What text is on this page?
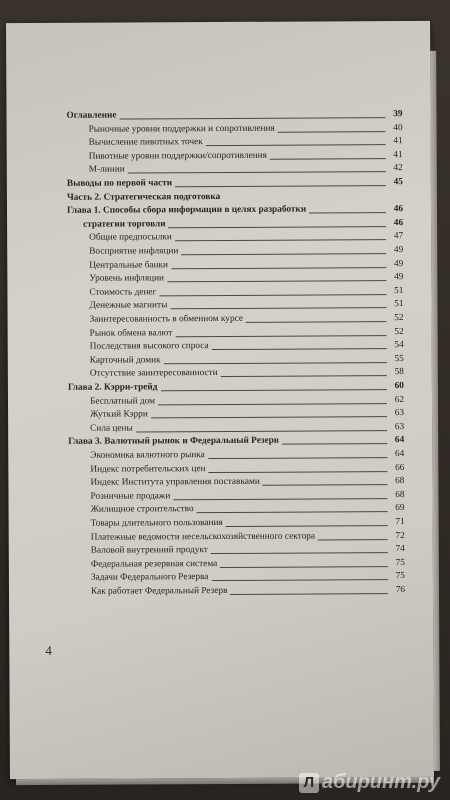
Оглавление	39
Рыночные уровни поддержки и сопротивления	40
Вычисление пивотных точек	41
Пивотные уровни поддержки/сопротивления	41
М-линии	42
Выводы по первой части	45
Часть 2. Стратегическая подготовка
Глава 1. Способы сбора информации в целях разработки	46
стратегии торговли	46
Общие предпосылки	47
Восприятие инфляции	49
Центральные банки	49
Уровень инфляции	49
Стоимость денег	51
Денежные магниты	51
Заинтересованность в обменном курсе	52
Рынок обмена валют	52
Последствия высокого спроса	54
Карточный домик	55
Отсутствие заинтересованности	58
Глава 2. Кэрри-трейд	60
Бесплатный дом	62
Жуткий Кэрри	63
Сила цены	63
Глава 3. Валютный рынок и Федеральный Резерв	64
Экономика валютного рынка	64
Индекс потребительских цен	66
Индекс Института управления поставками	68
Розничные продажи	68
Жилищное строительство	69
Товары длительного пользования	71
Платежные ведомости несельскохозяйственного сектора	72
Валовой внутренний продукт	74
Федеральная резервная система	75
Задачи Федерального Резерва	75
Как работает Федеральный Резерв	76
4
Л абиринт.ру
